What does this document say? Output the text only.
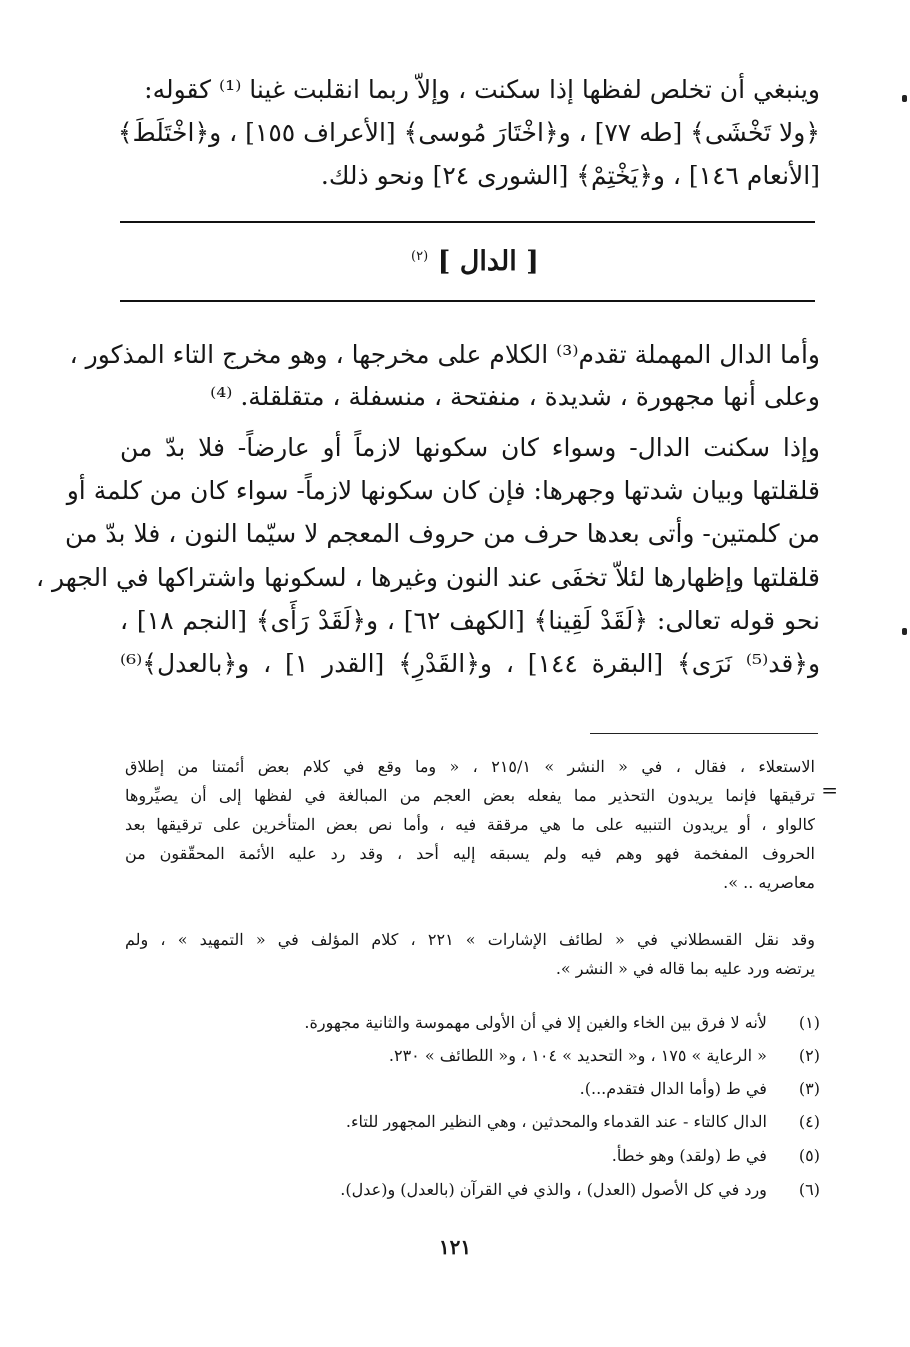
وينبغي أن تخلص لفظها إذا سكنت ، وإلاّ ربما انقلبت غينا ⁽¹⁾ كقوله:
﴿ولا تَخْشَى﴾ [طه ٧٧] ، و﴿اخْتَارَ مُوسى﴾ [الأعراف ١٥٥] ، و﴿اخْتَلَطَ﴾
[الأنعام ١٤٦] ، و﴿يَخْتِمْ﴾ [الشورى ٢٤] ونحو ذلك.
[ الدال ] $^{(٢)}$
وأما الدال المهملة تقدم⁽³⁾ الكلام على مخرجها ، وهو مخرج التاء المذكور ،
وعلى أنها مجهورة ، شديدة ، منفتحة ، منسفلة ، متقلقلة. ⁽⁴⁾
وإذا سكنت الدال- وسواء كان سكونها لازماً أو عارضاً- فلا بدّ من
قلقلتها وبيان شدتها وجهرها: فإن كان سكونها لازماً- سواء كان من كلمة أو
من كلمتين- وأتى بعدها حرف من حروف المعجم لا سيّما النون ، فلا بدّ من
قلقلتها وإظهارها لئلاّ تخفَى عند النون وغيرها ، لسكونها واشتراكها في الجهر ،
نحو قوله تعالى: ﴿لَقَدْ لَقِينا﴾ [الكهف ٦٢] ، و﴿لَقَدْ رَأَى﴾ [النجم ١٨] ،
و﴿قد⁽⁵⁾ نَرَى﴾ [البقرة ١٤٤] ، و﴿القَدْرِ﴾ [القدر ١] ، و﴿بالعدل﴾⁽⁶⁾
=
الاستعلاء ، فقال ، في « النشر » ٢١٥/١ ، « وما وقع في كلام بعض أئمتنا من إطلاق
ترقيقها فإنما يريدون التحذير مما يفعله بعض العجم من المبالغة في لفظها إلى أن يصيِّروها
كالواو ، أو يريدون التنبيه على ما هي مرققة فيه ، وأما نص بعض المتأخرين على ترقيقها بعد
الحروف المفخمة فهو وهم فيه ولم يسبقه إليه أحد ، وقد رد عليه الأئمة المحقّقون من
معاصريه .. ».
وقد نقل القسطلاني في « لطائف الإشارات » ٢٢١ ، كلام المؤلف في « التمهيد » ، ولم
يرتضه ورد عليه بما قاله في « النشر ».
(١) لأنه لا فرق بين الخاء والغين إلا في أن الأولى مهموسة والثانية مجهورة.
(٢) « الرعاية » ١٧٥ ، و« التحديد » ١٠٤ ، و« اللطائف » ٢٣٠.
(٣) في ط (وأما الدال فتقدم...).
(٤) الدال كالتاء - عند القدماء والمحدثين ، وهي النظير المجهور للتاء.
(٥) في ط (ولقد) وهو خطأ.
(٦) ورد في كل الأصول (العدل) ، والذي في القرآن (بالعدل) و(عدل).
١٢١
